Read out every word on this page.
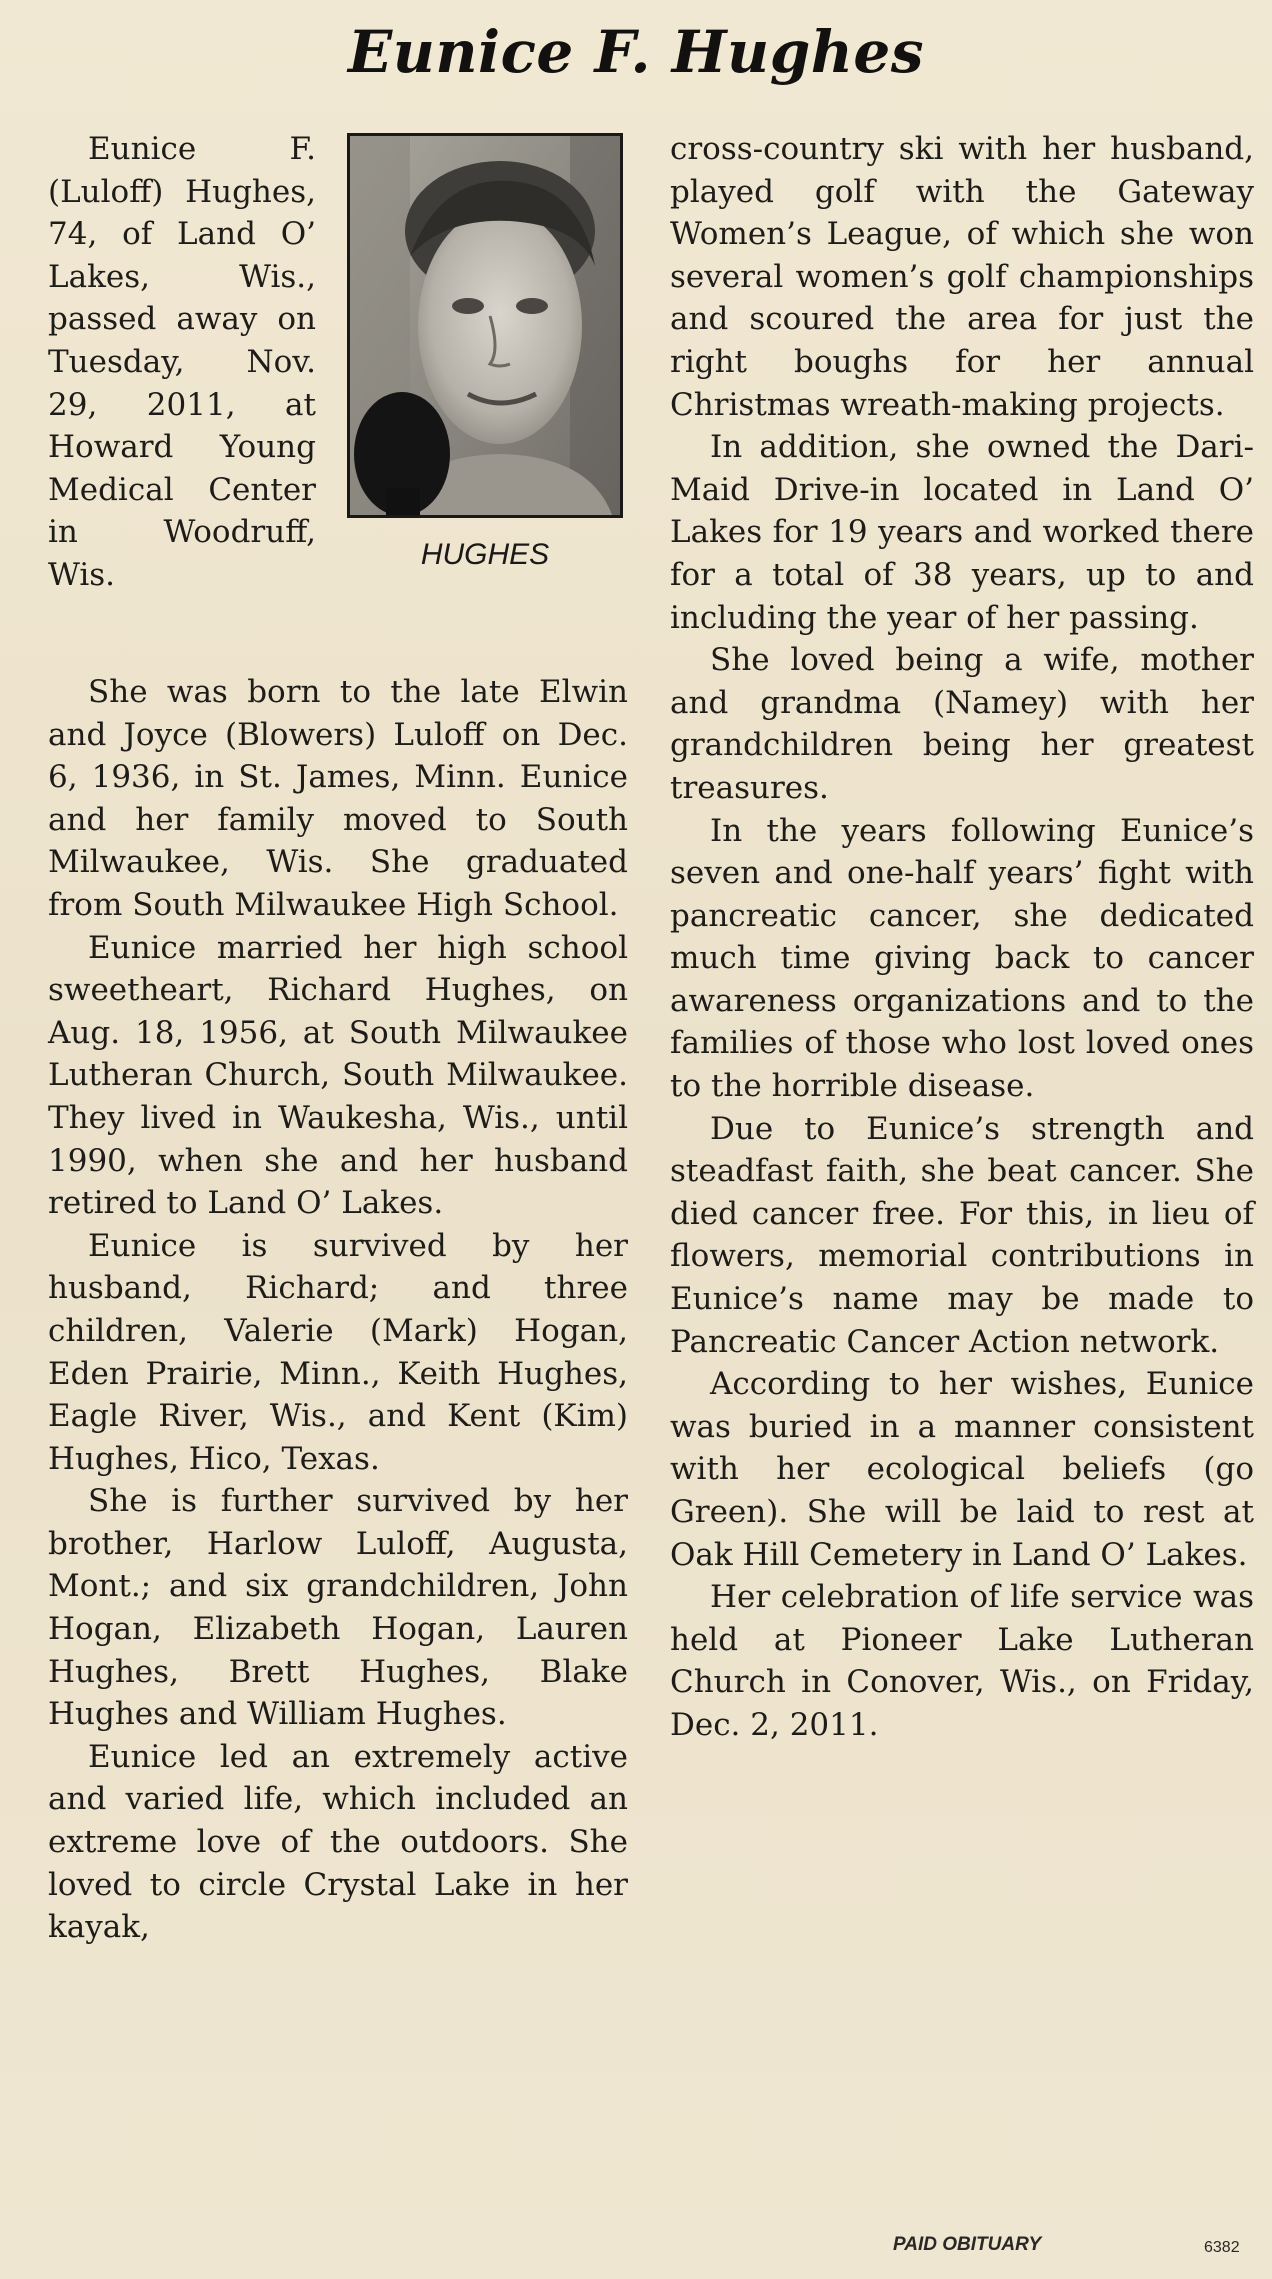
Eunice F. Hughes

Eunice F. (Luloff) Hughes, 74, of Land O’ Lakes, Wis., passed away on Tuesday, Nov. 29, 2011, at Howard Young Medical Center in Woodruff, Wis.

HUGHES

She was born to the late Elwin and Joyce (Blowers) Luloff on Dec. 6, 1936, in St. James, Minn. Eunice and her family moved to South Milwaukee, Wis. She graduated from South Milwaukee High School.

Eunice married her high school sweetheart, Richard Hughes, on Aug. 18, 1956, at South Milwaukee Lutheran Church, South Milwaukee. They lived in Waukesha, Wis., until 1990, when she and her husband retired to Land O’ Lakes.

Eunice is survived by her husband, Richard; and three children, Valerie (Mark) Hogan, Eden Prairie, Minn., Keith Hughes, Eagle River, Wis., and Kent (Kim) Hughes, Hico, Texas.

She is further survived by her brother, Harlow Luloff, Augusta, Mont.; and six grandchildren, John Hogan, Elizabeth Hogan, Lauren Hughes, Brett Hughes, Blake Hughes and William Hughes.

Eunice led an extremely active and varied life, which included an extreme love of the outdoors. She loved to circle Crystal Lake in her kayak,

cross-country ski with her husband, played golf with the Gateway Women’s League, of which she won several women’s golf championships and scoured the area for just the right boughs for her annual Christmas wreath-making projects.

In addition, she owned the Dari-Maid Drive-in located in Land O’ Lakes for 19 years and worked there for a total of 38 years, up to and including the year of her passing.

She loved being a wife, mother and grandma (Namey) with her grandchildren being her greatest treasures.

In the years following Eunice’s seven and one-half years’ fight with pancreatic cancer, she dedicated much time giving back to cancer awareness organizations and to the families of those who lost loved ones to the horrible disease.

Due to Eunice’s strength and steadfast faith, she beat cancer. She died cancer free. For this, in lieu of flowers, memorial contributions in Eunice’s name may be made to Pancreatic Cancer Action network.

According to her wishes, Eunice was buried in a manner consistent with her ecological beliefs (go Green). She will be laid to rest at Oak Hill Cemetery in Land O’ Lakes.

Her celebration of life service was held at Pioneer Lake Lutheran Church in Conover, Wis., on Friday, Dec. 2, 2011.

PAID OBITUARY	6382
